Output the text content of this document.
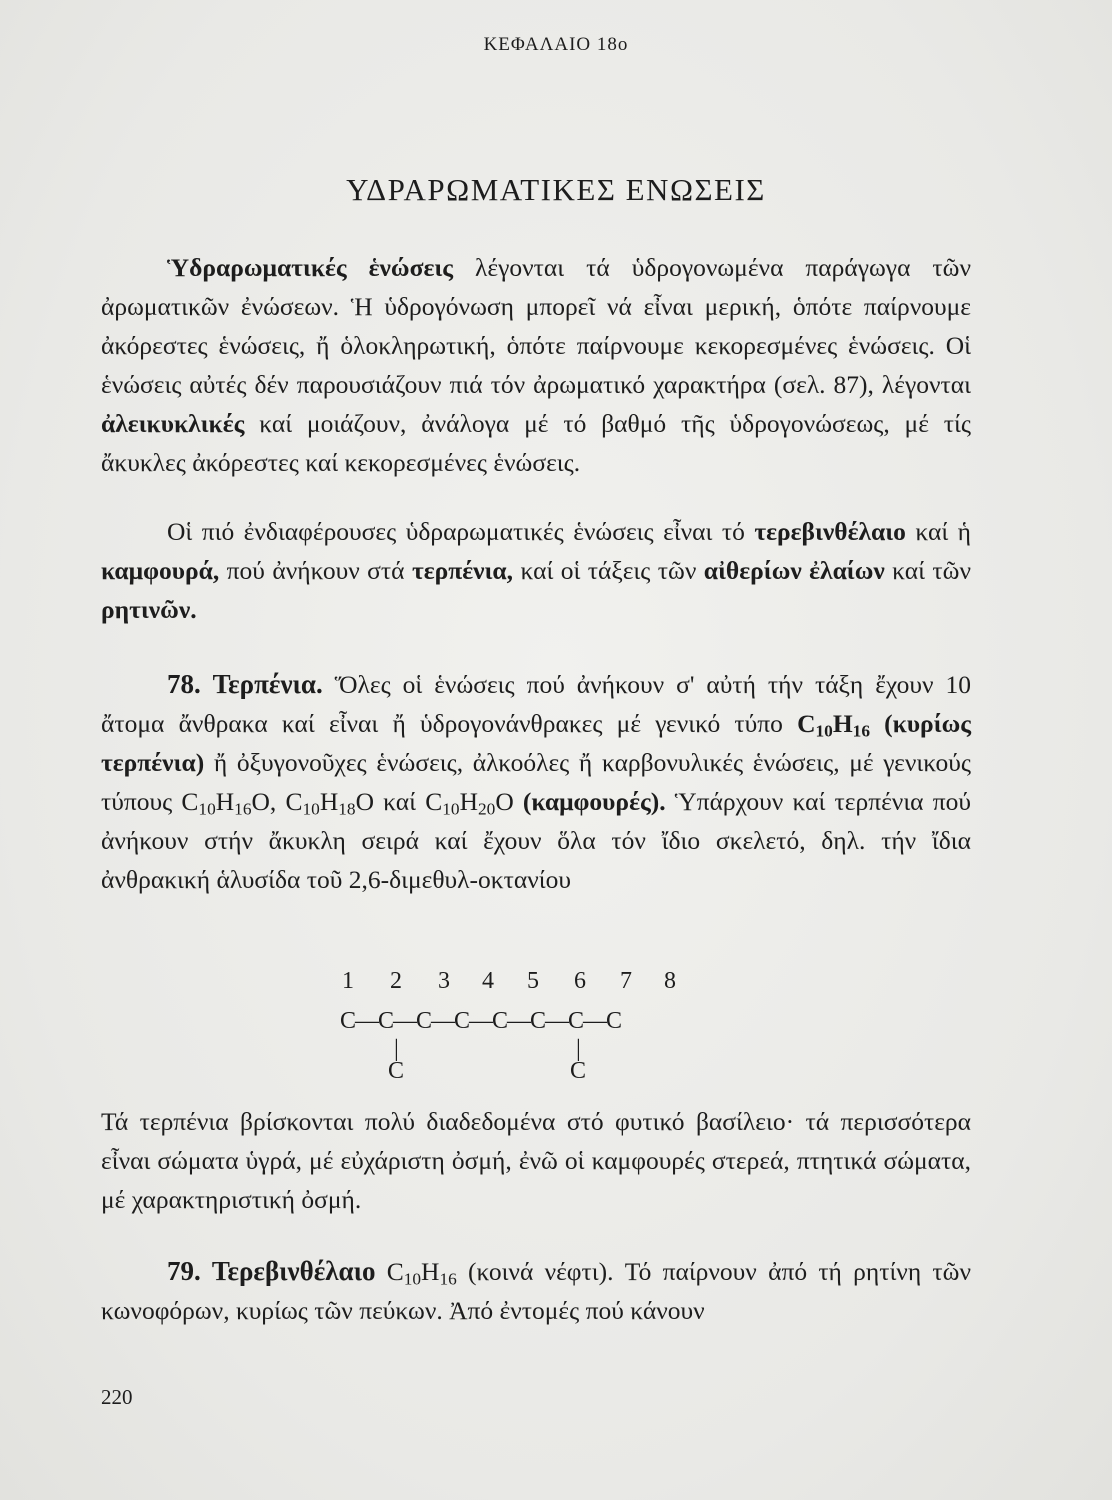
ΚΕΦΑΛΑΙΟ 18ο
ΥΔΡΑΡΩΜΑΤΙΚΕΣ ΕΝΩΣΕΙΣ

Ὑδραρωματικές ἑνώσεις λέγονται τά ὑδρογονωμένα παράγωγα τῶν ἀρωματικῶν ἐνώσεων. Ἡ ὑδρογόνωση μπορεῖ νά εἶναι μερική, ὁπότε παίρνουμε ἀκόρεστες ἑνώσεις, ἤ ὁλοκληρωτική, ὁπότε παίρνουμε κεκορεσμένες ἑνώσεις. Οἱ ἑνώσεις αὐτές δέν παρουσιάζουν πιά τόν ἀρωματικό χαρακτήρα (σελ. 87), λέγονται ἀλεικυκλικές καί μοιάζουν, ἀνάλογα μέ τό βαθμό τῆς ὑδρογονώσεως, μέ τίς ἄκυκλες ἀκόρεστες καί κεκορεσμένες ἑνώσεις.

Οἱ πιό ἐνδιαφέρουσες ὑδραρωματικές ἑνώσεις εἶναι τό τερεβινθέλαιο καί ἡ καμφουρά, πού ἀνήκουν στά τερπένια, καί οἱ τάξεις τῶν αἰθερίων ἐλαίων καί τῶν ρητινῶν.

78. Τερπένια. Ὅλες οἱ ἑνώσεις πού ἀνήκουν σ' αὐτή τήν τάξη ἔχουν 10 ἄτομα ἄνθρακα καί εἶναι ἤ ὑδρογονάνθρακες μέ γενικό τύπο $C_{10}H_{16}$ (κυρίως τερπένια) ἤ ὀξυγονοῦχες ἑνώσεις, ἀλκοόλες ἤ καρβονυλικές ἑνώσεις, μέ γενικούς τύπους $C_{10}H_{16}O$, $C_{10}H_{18}O$ καί $C_{10}H_{20}O$ (καμφουρές). Ὑπάρχουν καί τερπένια πού ἀνήκουν στήν ἄκυκλη σειρά καί ἔχουν ὅλα τόν ἴδιο σκελετό, δηλ. τήν ἴδια ἀνθρακική ἁλυσίδα τοῦ 2,6-διμεθυλ-οκτανίου

1 2 3 4 5 6 7 8
C—C—C—C—C—C—C—C
|	|
C	C

Τά τερπένια βρίσκονται πολύ διαδεδομένα στό φυτικό βασίλειο· τά περισσότερα εἶναι σώματα ὑγρά, μέ εὐχάριστη ὀσμή, ἐνῶ οἱ καμφουρές στερεά, πτητικά σώματα, μέ χαρακτηριστική ὀσμή.

79. Τερεβινθέλαιο $C_{10}H_{16}$ (κοινά νέφτι). Τό παίρνουν ἀπό τή ρητίνη τῶν κωνοφόρων, κυρίως τῶν πεύκων. Ἀπό ἐντομές πού κάνουν

220
